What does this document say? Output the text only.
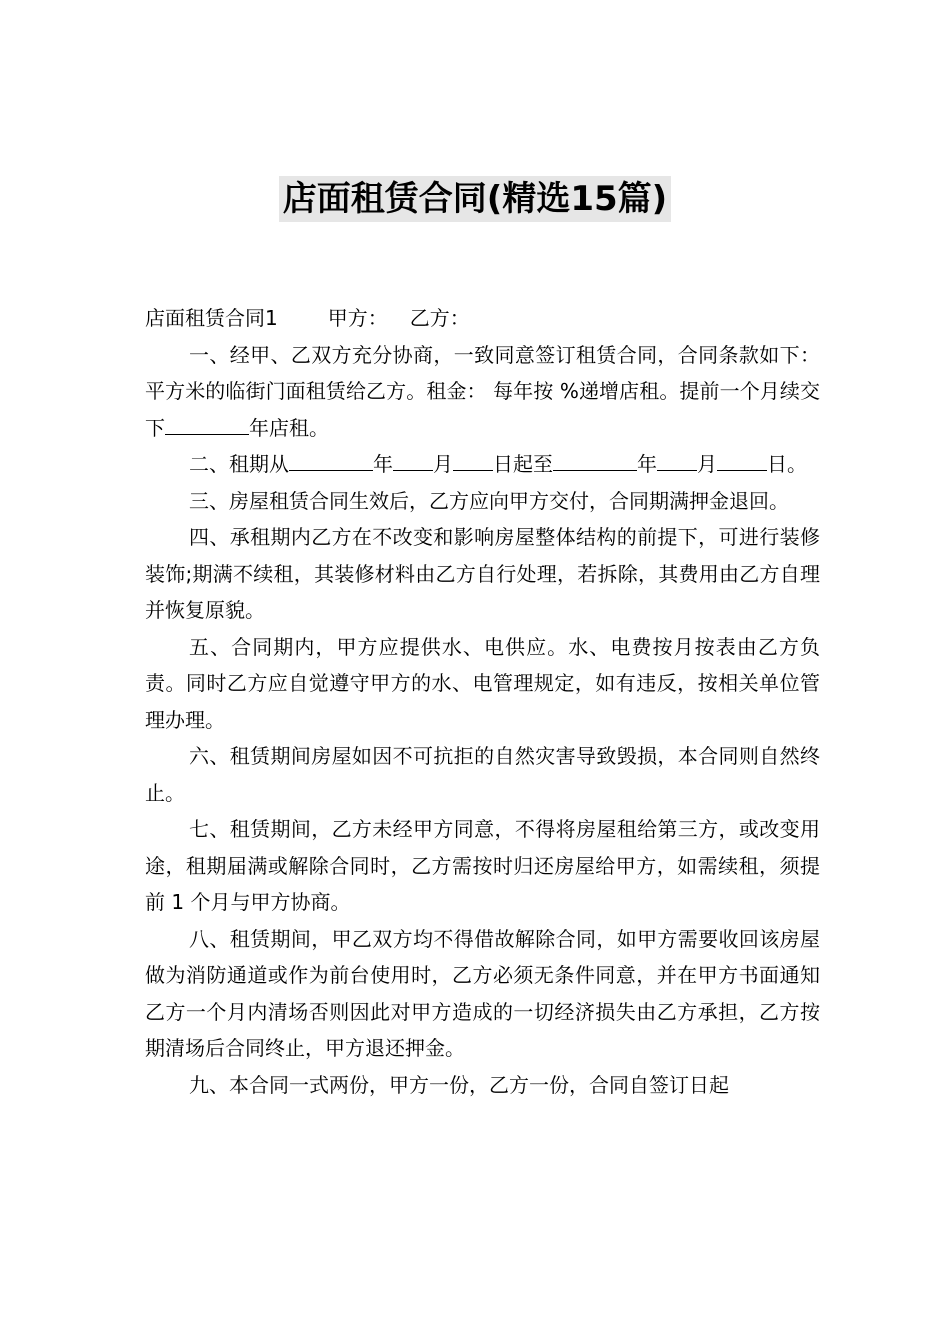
店面租赁合同(精选15篇)
店面租赁合同1	甲方： 乙方：

一、经甲、乙双方充分协商，一致同意签订租赁合同，合同条款如下：平方米的临街门面租赁给乙方。租金： 每年按 %递增店租。提前一个月续交下	年店租。

二、租期从	年 月 日起至	年 月	日。

三、房屋租赁合同生效后，乙方应向甲方交付，合同期满押金退回。

四、承租期内乙方在不改变和影响房屋整体结构的前提下，可进行装修装饰;期满不续租，其装修材料由乙方自行处理，若拆除，其费用由乙方自理并恢复原貌。

五、合同期内，甲方应提供水、电供应。水、电费按月按表由乙方负责。同时乙方应自觉遵守甲方的水、电管理规定，如有违反，按相关单位管理办理。

六、租赁期间房屋如因不可抗拒的自然灾害导致毁损，本合同则自然终止。

七、租赁期间，乙方未经甲方同意，不得将房屋租给第三方，或改变用途，租期届满或解除合同时，乙方需按时归还房屋给甲方，如需续租，须提前 1 个月与甲方协商。

八、租赁期间，甲乙双方均不得借故解除合同，如甲方需要收回该房屋做为消防通道或作为前台使用时，乙方必须无条件同意，并在甲方书面通知乙方一个月内清场否则因此对甲方造成的一切经济损失由乙方承担，乙方按期清场后合同终止，甲方退还押金。

九、本合同一式两份，甲方一份，乙方一份，合同自签订日起
